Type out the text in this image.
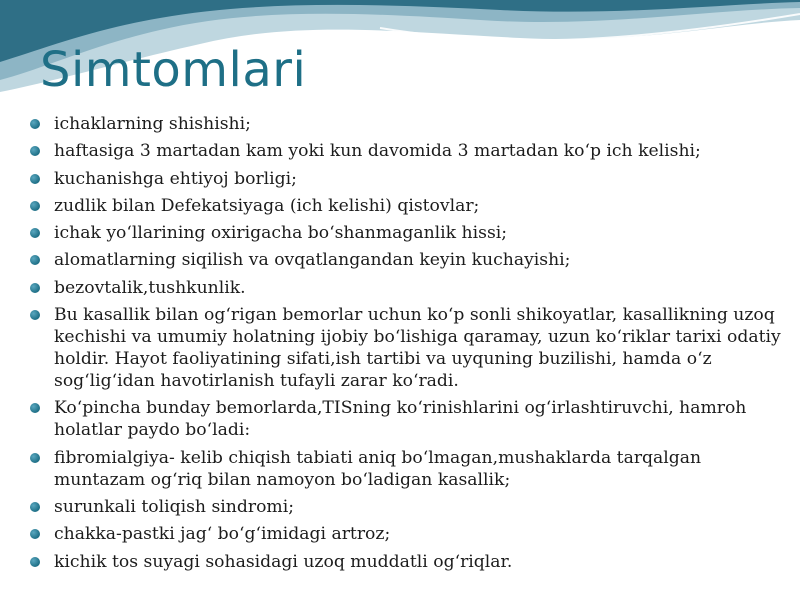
Simtomlari
ichaklarning shishishi;
haftasiga 3 martadan kam yoki kun davomida 3 martadan koʻp ich kelishi;
kuchanishga ehtiyoj borligi;
zudlik bilan Defekatsiyaga (ich kelishi) qistovlar;
ichak yoʻllarining oxirigacha boʻshanmaganlik hissi;
alomatlarning siqilish va ovqatlangandan keyin kuchayishi;
bezovtalik,tushkunlik.
Bu kasallik bilan ogʻrigan bemorlar uchun koʻp sonli shikoyatlar, kasallikning uzoq kechishi va umumiy holatning ijobiy boʻlishiga qaramay, uzun koʻriklar tarixi odatiy holdir. Hayot faoliyatining sifati,ish tartibi va uyquning buzilishi, hamda oʻz sogʻligʻidan havotirlanish tufayli zarar koʻradi.
Koʻpincha bunday bemorlarda,TISning koʻrinishlarini ogʻirlashtiruvchi, hamroh holatlar paydo boʻladi:
fibromialgiya- kelib chiqish tabiati aniq boʻlmagan,mushaklarda tarqalgan muntazam ogʻriq bilan namoyon boʻladigan kasallik;
surunkali toliqish sindromi;
chakka-pastki jagʻ boʻgʻimidagi artroz;
kichik tos suyagi sohasidagi uzoq muddatli ogʻriqlar.
